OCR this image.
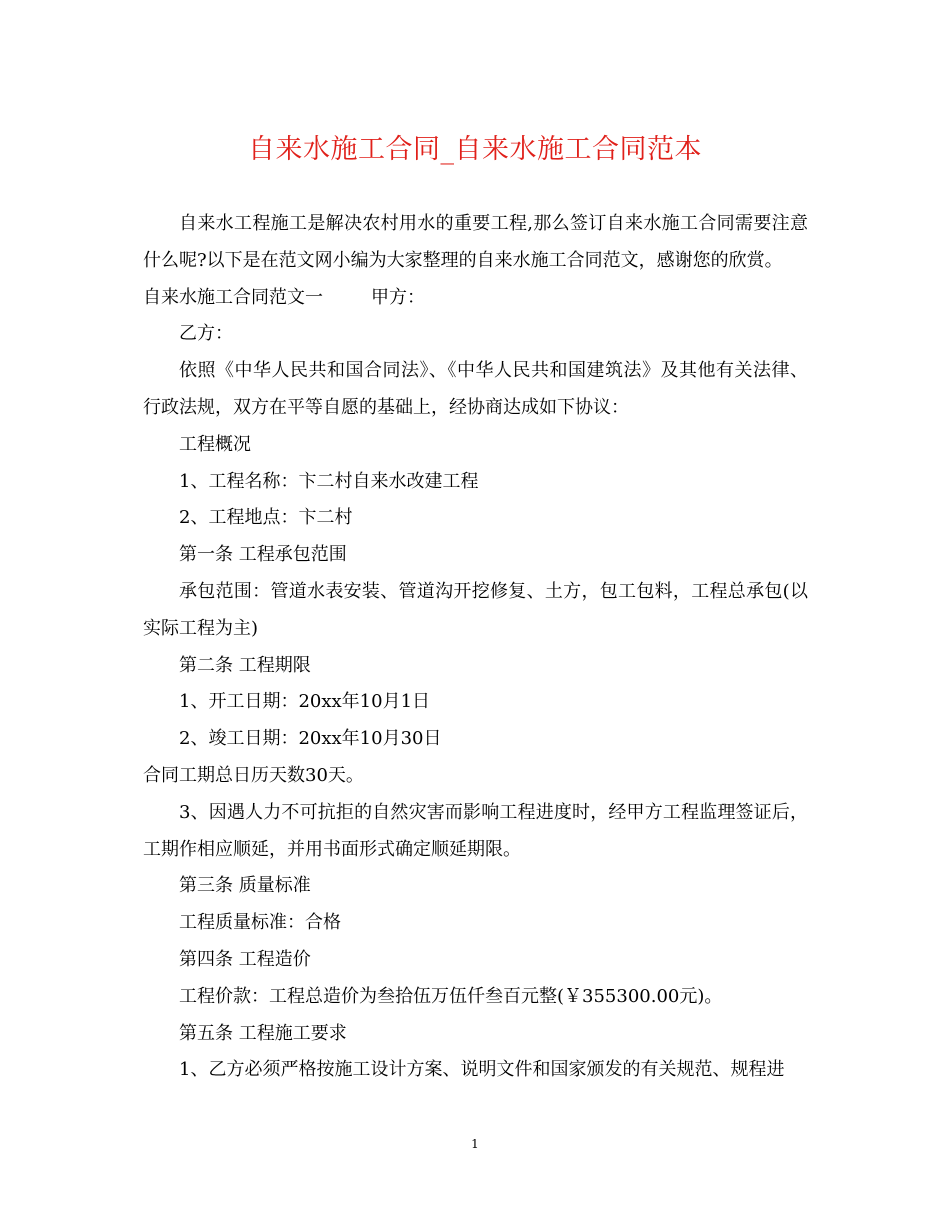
自来水施工合同_自来水施工合同范本

自来水工程施工是解决农村用水的重要工程,那么签订自来水施工合同需要注意什么呢?以下是在范文网小编为大家整理的自来水施工合同范文，感谢您的欣赏。

自来水施工合同范文一	甲方：

乙方：

依照《中华人民共和国合同法》、《中华人民共和国建筑法》及其他有关法律、行政法规，双方在平等自愿的基础上，经协商达成如下协议：

工程概况

1、工程名称：卞二村自来水改建工程

2、工程地点：卞二村

第一条 工程承包范围

承包范围：管道水表安装、管道沟开挖修复、土方，包工包料，工程总承包(以实际工程为主)

第二条 工程期限

1、开工日期：20xx年10月1日

2、竣工日期：20xx年10月30日

合同工期总日历天数30天。

3、因遇人力不可抗拒的自然灾害而影响工程进度时，经甲方工程监理签证后，工期作相应顺延，并用书面形式确定顺延期限。

第三条 质量标准

工程质量标准：合格

第四条 工程造价

工程价款：工程总造价为叁拾伍万伍仟叁百元整(￥355300.00元)。

第五条 工程施工要求

1、乙方必须严格按施工设计方案、说明文件和国家颁发的有关规范、规程进

1
